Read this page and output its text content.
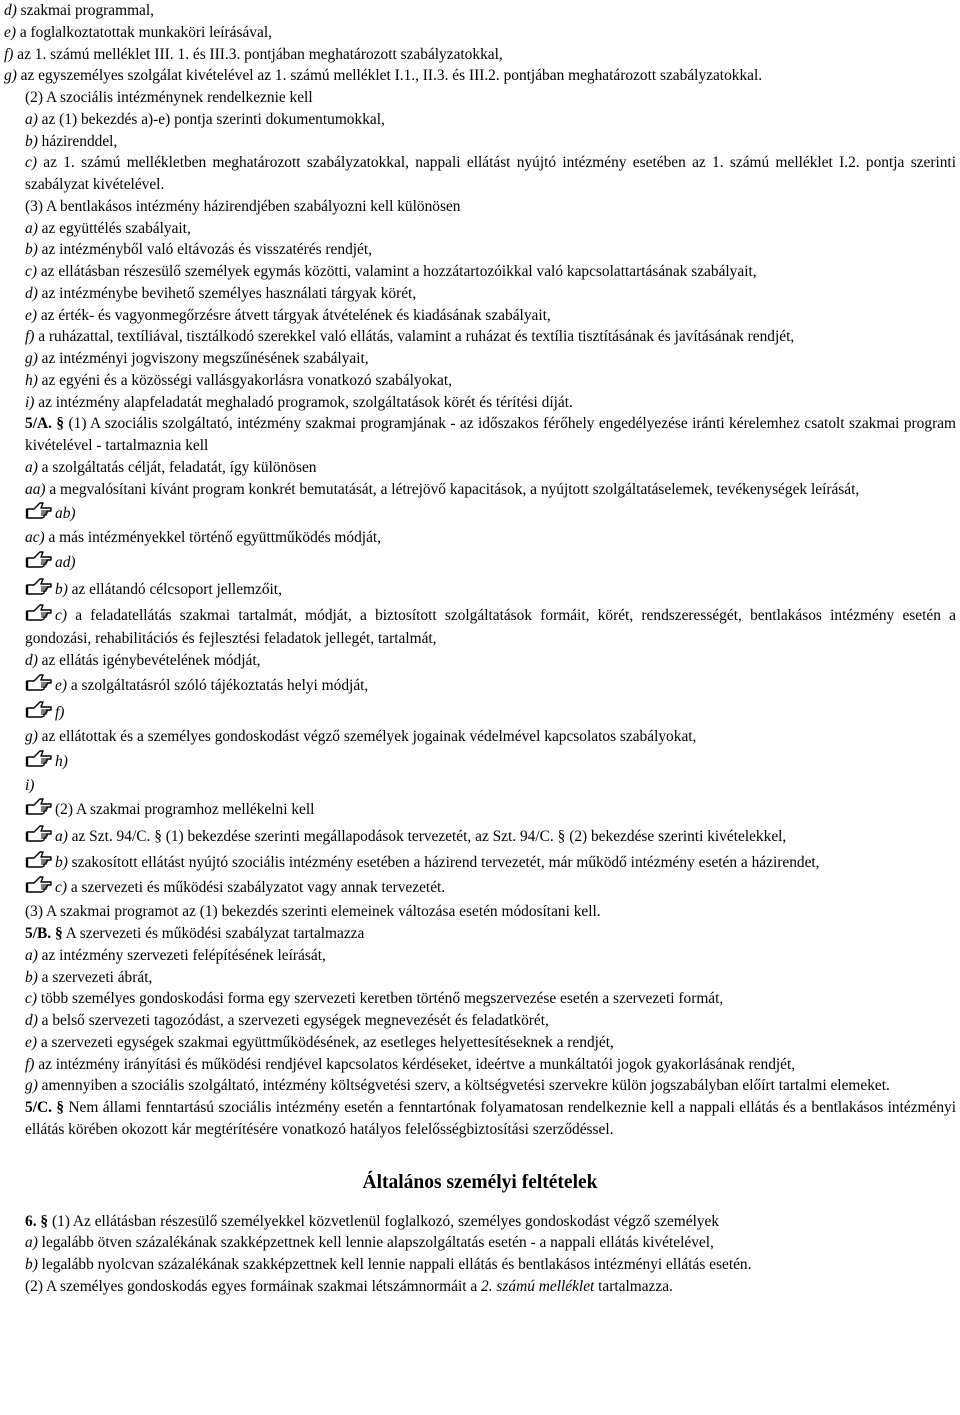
d) szakmai programmal,
e) a foglalkoztatottak munkaköri leírásával,
f) az 1. számú melléklet III. 1. és III.3. pontjában meghatározott szabályzatokkal,
g) az egyszemélyes szolgálat kivételével az 1. számú melléklet I.1., II.3. és III.2. pontjában meghatározott szabályzatokkal.
(2) A szociális intézménynek rendelkeznie kell
a) az (1) bekezdés a)-e) pontja szerinti dokumentumokkal,
b) házirenddel,
c) az 1. számú mellékletben meghatározott szabályzatokkal, nappali ellátást nyújtó intézmény esetében az 1. számú melléklet I.2. pontja szerinti szabályzat kivételével.
(3) A bentlakásos intézmény házirendjében szabályozni kell különösen
a) az együttélés szabályait,
b) az intézményből való eltávozás és visszatérés rendjét,
c) az ellátásban részesülő személyek egymás közötti, valamint a hozzátartozóikkal való kapcsolattartásának szabályait,
d) az intézménybe bevihető személyes használati tárgyak körét,
e) az érték- és vagyonmegőrzésre átvett tárgyak átvételének és kiadásának szabályait,
f) a ruházattal, textíliával, tisztálkodó szerekkel való ellátás, valamint a ruházat és textília tisztításának és javításának rendjét,
g) az intézményi jogviszony megszűnésének szabályait,
h) az egyéni és a közösségi vallásgyakorlásra vonatkozó szabályokat,
i) az intézmény alapfeladatát meghaladó programok, szolgáltatások körét és térítési díját.
5/A. § (1) A szociális szolgáltató, intézmény szakmai programjának - az időszakos férőhely engedélyezése iránti kérelemhez csatolt szakmai program kivételével - tartalmaznia kell
a) a szolgáltatás célját, feladatát, így különösen
aa) a megvalósítani kívánt program konkrét bemutatását, a létrejövő kapacitások, a nyújtott szolgáltatáselemek, tevékenységek leírását,
ab)
ac) a más intézményekkel történő együttműködés módját,
ad)
b) az ellátandó célcsoport jellemzőit,
c) a feladatellátás szakmai tartalmát, módját, a biztosított szolgáltatások formáit, körét, rendszerességét, bentlakásos intézmény esetén a gondozási, rehabilitációs és fejlesztési feladatok jellegét, tartalmát,
d) az ellátás igénybevételének módját,
e) a szolgáltatásról szóló tájékoztatás helyi módját,
f)
g) az ellátottak és a személyes gondoskodást végző személyek jogainak védelmével kapcsolatos szabályokat,
h)
i)
(2) A szakmai programhoz mellékelni kell
a) az Szt. 94/C. § (1) bekezdése szerinti megállapodások tervezetét, az Szt. 94/C. § (2) bekezdése szerinti kivételekkel,
b) szakosított ellátást nyújtó szociális intézmény esetében a házirend tervezetét, már működő intézmény esetén a házirendet,
c) a szervezeti és működési szabályzatot vagy annak tervezetét.
(3) A szakmai programot az (1) bekezdés szerinti elemeinek változása esetén módosítani kell.
5/B. § A szervezeti és működési szabályzat tartalmazza
a) az intézmény szervezeti felépítésének leírását,
b) a szervezeti ábrát,
c) több személyes gondoskodási forma egy szervezeti keretben történő megszervezése esetén a szervezeti formát,
d) a belső szervezeti tagozódást, a szervezeti egységek megnevezését és feladatkörét,
e) a szervezeti egységek szakmai együttműködésének, az esetleges helyettesítéseknek a rendjét,
f) az intézmény irányítási és működési rendjével kapcsolatos kérdéseket, ideértve a munkáltatói jogok gyakorlásának rendjét,
g) amennyiben a szociális szolgáltató, intézmény költségvetési szerv, a költségvetési szervekre külön jogszabályban előírt tartalmi elemeket.
5/C. § Nem állami fenntartású szociális intézmény esetén a fenntartónak folyamatosan rendelkeznie kell a nappali ellátás és a bentlakásos intézményi ellátás körében okozott kár megtérítésére vonatkozó hatályos felelősségbiztosítási szerződéssel.
Általános személyi feltételek
6. § (1) Az ellátásban részesülő személyekkel közvetlenül foglalkozó, személyes gondoskodást végző személyek
a) legalább ötven százalékának szakképzettnek kell lennie alapszolgáltatás esetén - a nappali ellátás kivételével,
b) legalább nyolcvan százalékának szakképzettnek kell lennie nappali ellátás és bentlakásos intézményi ellátás esetén.
(2) A személyes gondoskodás egyes formáinak szakmai létszámnormáit a 2. számú melléklet tartalmazza.
